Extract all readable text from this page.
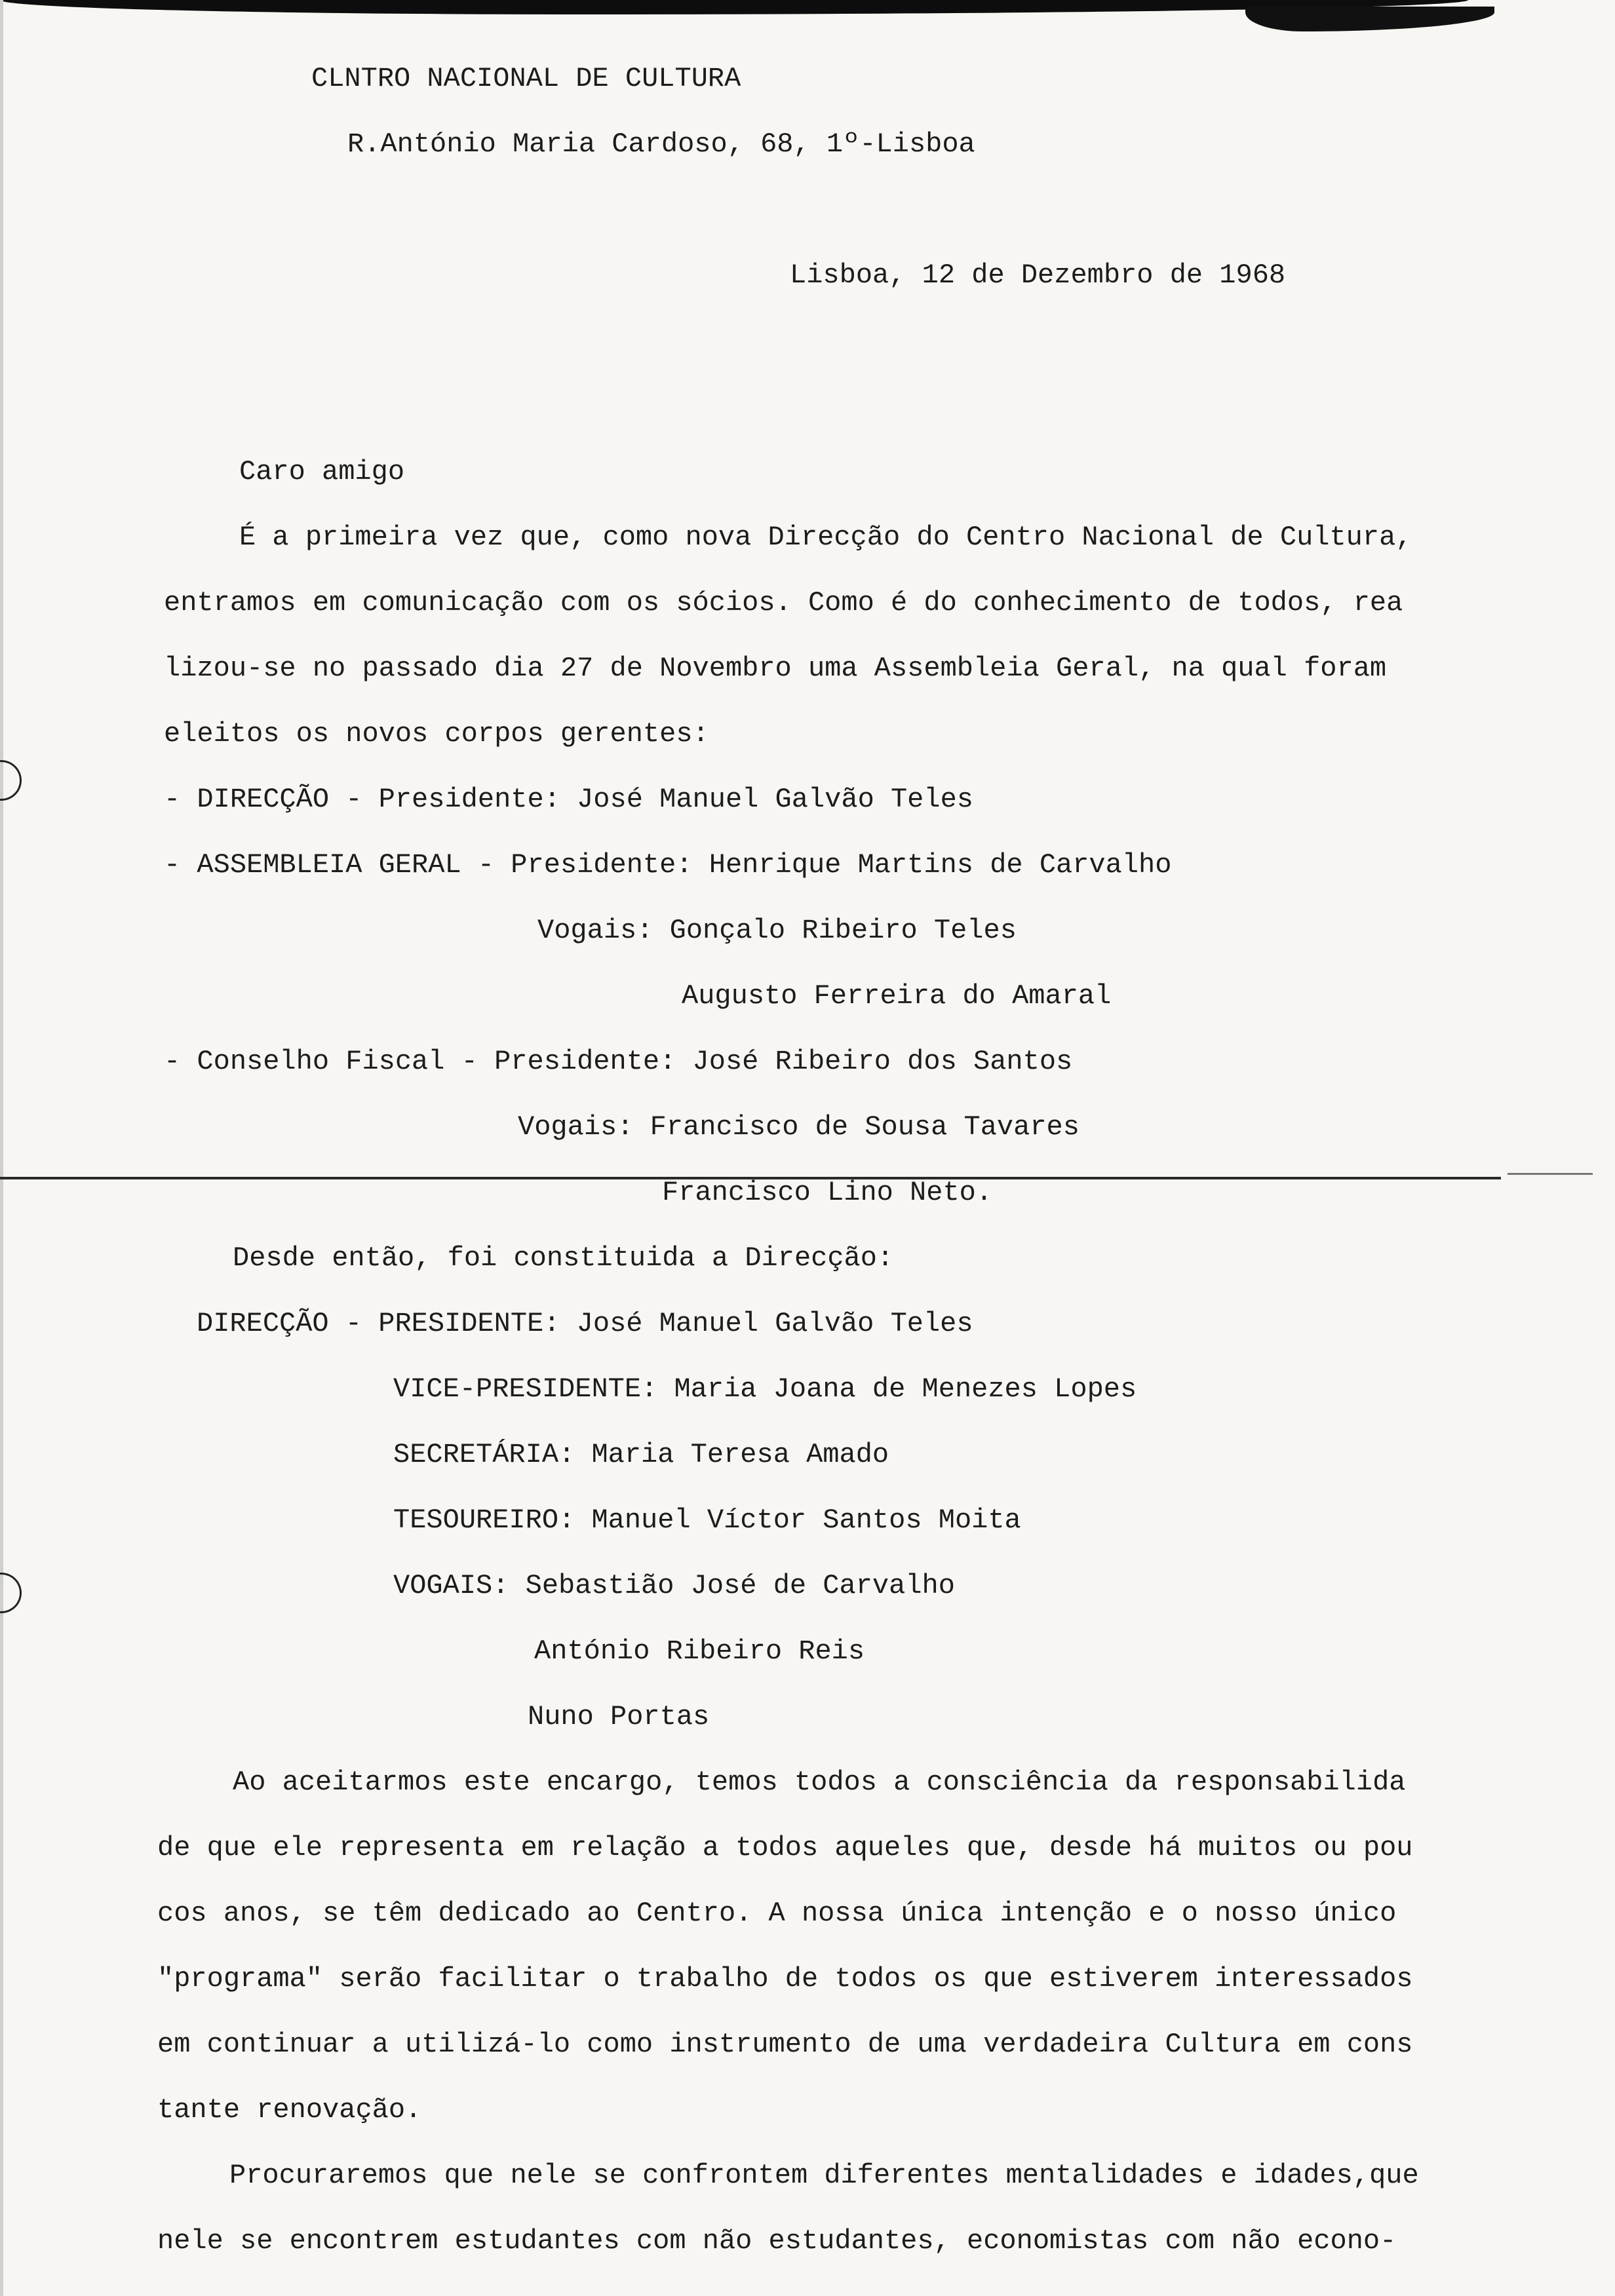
CLNTRO NACIONAL DE CULTURA
R.António Maria Cardoso, 68, 1º-Lisboa
Lisboa, 12 de Dezembro de 1968
Caro amigo
É a primeira vez que, como nova Direcção do Centro Nacional de Cultura,
entramos em comunicação com os sócios. Como é do conhecimento de todos, rea
lizou-se no passado dia 27 de Novembro uma Assembleia Geral, na qual foram
eleitos os novos corpos gerentes:
- DIRECÇÃO - Presidente: José Manuel Galvão Teles
- ASSEMBLEIA GERAL - Presidente: Henrique Martins de Carvalho
Vogais: Gonçalo Ribeiro Teles
Augusto Ferreira do Amaral
- Conselho Fiscal - Presidente: José Ribeiro dos Santos
Vogais: Francisco de Sousa Tavares
Francisco Lino Neto.
Desde então, foi constituida a Direcção:
DIRECÇÃO - PRESIDENTE: José Manuel Galvão Teles
VICE-PRESIDENTE: Maria Joana de Menezes Lopes
SECRETÁRIA: Maria Teresa Amado
TESOUREIRO: Manuel Víctor Santos Moita
VOGAIS: Sebastião José de Carvalho
António Ribeiro Reis
Nuno Portas
Ao aceitarmos este encargo, temos todos a consciência da responsabilida
de que ele representa em relação a todos aqueles que, desde há muitos ou pou
cos anos, se têm dedicado ao Centro. A nossa única intenção e o nosso único
"programa" serão facilitar o trabalho de todos os que estiverem interessados
em continuar a utilizá-lo como instrumento de uma verdadeira Cultura em cons
tante renovação.
Procuraremos que nele se confrontem diferentes mentalidades e idades,que
nele se encontrem estudantes com não estudantes, economistas com não econo-
